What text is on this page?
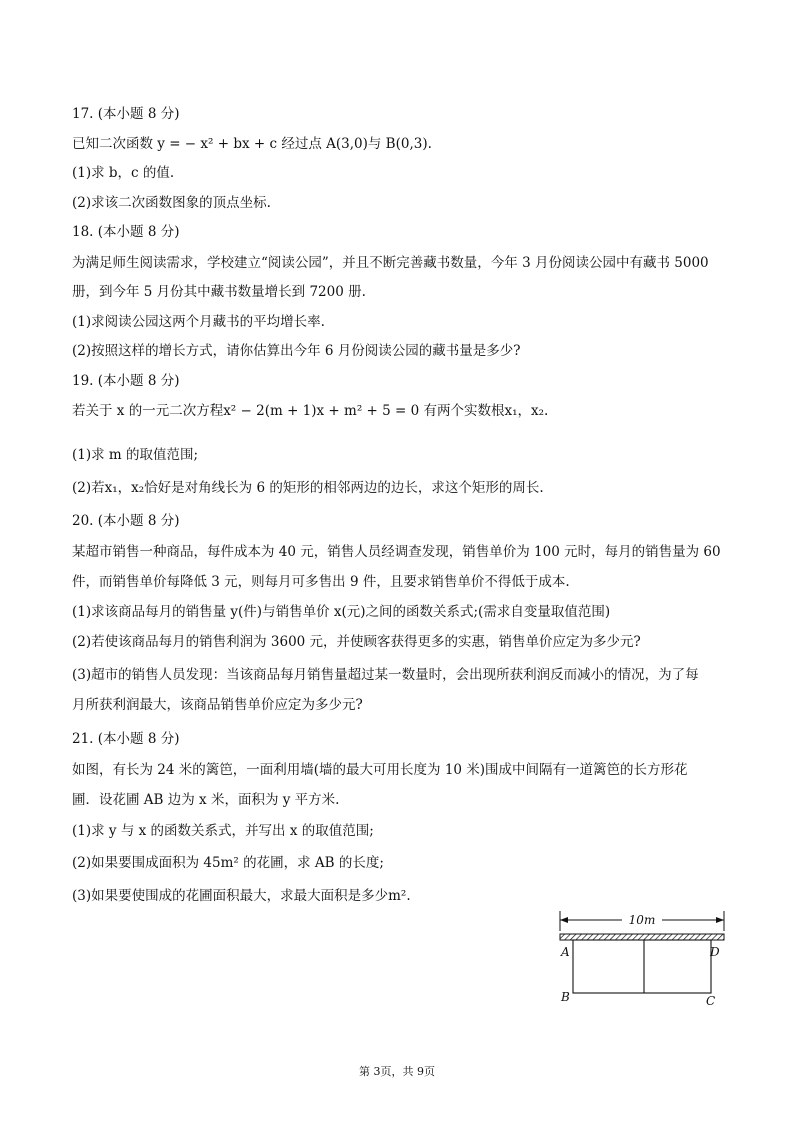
17. (本小题 8 分)
已知二次函数 y = − x² + bx + c 经过点 A(3,0)与 B(0,3).
(1)求 b，c 的值.
(2)求该二次函数图象的顶点坐标.
18. (本小题 8 分)
为满足师生阅读需求，学校建立“阅读公园”，并且不断完善藏书数量，今年 3 月份阅读公园中有藏书 5000
册，到今年 5 月份其中藏书数量增长到 7200 册.
(1)求阅读公园这两个月藏书的平均增长率.
(2)按照这样的增长方式，请你估算出今年 6 月份阅读公园的藏书量是多少?
19. (本小题 8 分)
若关于 x 的一元二次方程x² − 2(m + 1)x + m² + 5 = 0 有两个实数根x₁，x₂.
(1)求 m 的取值范围;
(2)若x₁，x₂恰好是对角线长为 6 的矩形的相邻两边的边长，求这个矩形的周长.
20. (本小题 8 分)
某超市销售一种商品，每件成本为 40 元，销售人员经调查发现，销售单价为 100 元时，每月的销售量为 60
件，而销售单价每降低 3 元，则每月可多售出 9 件，且要求销售单价不得低于成本.
(1)求该商品每月的销售量 y(件)与销售单价 x(元)之间的函数关系式;(需求自变量取值范围)
(2)若使该商品每月的销售利润为 3600 元，并使顾客获得更多的实惠，销售单价应定为多少元?
(3)超市的销售人员发现：当该商品每月销售量超过某一数量时，会出现所获利润反而减小的情况，为了每
月所获利润最大，该商品销售单价应定为多少元?
21. (本小题 8 分)
如图，有长为 24 米的篱笆，一面利用墙(墙的最大可用长度为 10 米)围成中间隔有一道篱笆的长方形花
圃．设花圃 AB 边为 x 米，面积为 y 平方米.
(1)求 y 与 x 的函数关系式，并写出 x 的取值范围;
(2)如果要围成面积为 45m² 的花圃，求 AB 的长度;
(3)如果要使围成的花圃面积最大，求最大面积是多少m².
10m
A	D
B	C
第 3页，共 9页
